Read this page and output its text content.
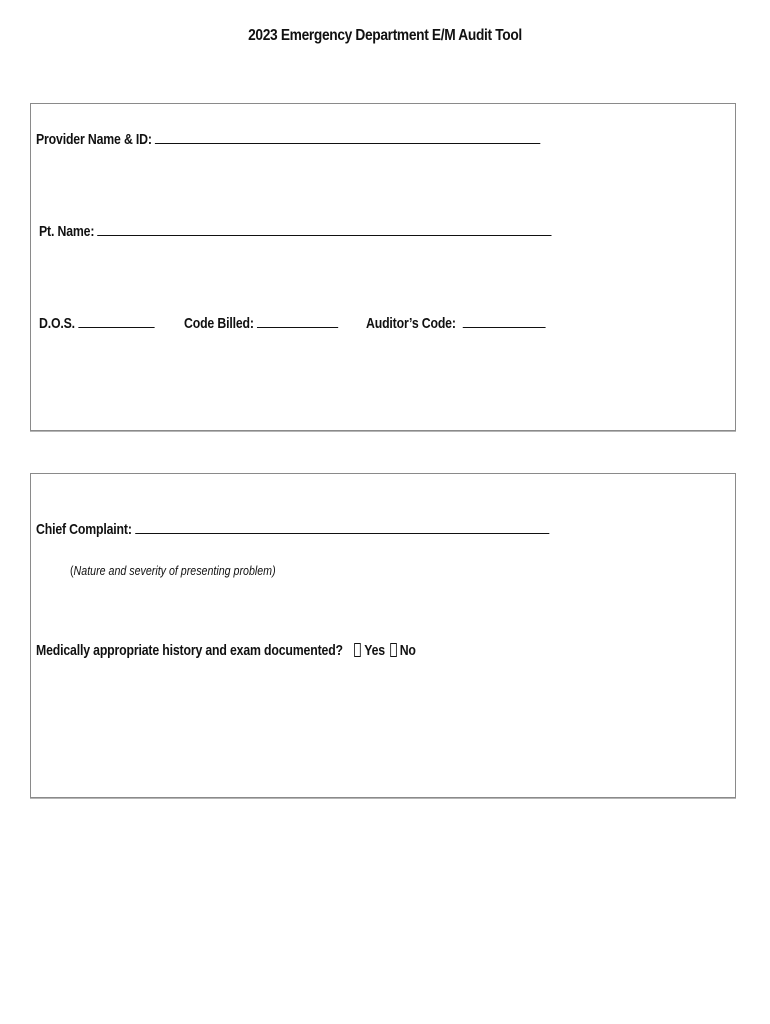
2023 Emergency Department E/M Audit Tool
Provider Name & ID:
Pt. Name:
D.O.S.	Code Billed:	Auditor’s Code:
Chief Complaint:
(Nature and severity of presenting problem)
Medically appropriate history and exam documented? Yes No
